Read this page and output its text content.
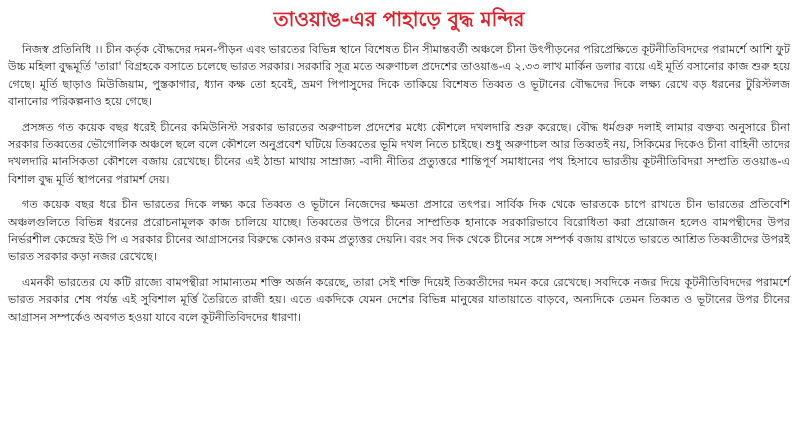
তাওয়াঙ-এর পাহাড়ে বুদ্ধ মন্দির

নিজস্ব প্রতিনিধি ।। চীন কর্তৃক বৌদ্ধদের দমন-পীড়ন এবং ভারতের বিভিন্ন স্থানে বিশেষত চীন সীমান্তবর্তী অঞ্চলে চীনা উৎপীড়নের পরিপ্রেক্ষিতে কূটনীতিবিদদের পরামর্শে আশি ফুট উচ্চ মহিলা বুদ্ধমূর্তি 'তারা' বিগ্রহকে বসাতে চলেছে ভারত সরকার। সরকারি সূত্র মতে অরুণাচল প্রদেশের তাওয়াঙ-এ ২.৩৩ লাখ মার্কিন ডলার ব্যয়ে এই মূর্তি বসানোর কাজ শুরু হয়ে গেছে। মূর্তি ছাড়াও মিউজিয়াম, পুস্তকাগার, ধ্যান কক্ষ তো হবেই, ভ্রমণ পিপাসুদের দিকে তাকিয়ে বিশেষত তিব্বত ও ভূটানের বৌদ্ধদের দিকে লক্ষ্য রেখে বড় ধরনের টুরিস্টলজ বানানোর পরিকল্পনাও হয়ে গেছে।

প্রসঙ্গত গত কয়েক বছর ধরেই চীনের কমিউনিস্ট সরকার ভারতের অরুণাচল প্রদেশের মধ্যে কৌশলে দখলদারি শুরু করেছে। বৌদ্ধ ধর্মগুরু দলাই লামার বক্তব্য অনুসারে চীনা সরকার তিব্বতের ভৌগোলিক অঞ্চলে ছলে বলে কৌশলে অনুপ্রবেশ ঘটিয়ে তিব্বতের ভূমি দখল নিতে চাইছে। শুধু অরুণাচল আর তিব্বতই নয়, সিকিমের দিকেও চীনা বাহিনী তাদের দখলদারি মানসিকতা কৌশলে বজায় রেখেছে। চীনের এই ঠান্ডা মাথায় সাম্রাজ্য -বাদী নীতির প্রত্যুত্তরে শান্তিপূর্ণ সমাধানের পথ হিসাবে ভারতীয় কূটনীতিবিদরা সম্প্রতি তওয়াঙ-এ বিশাল বুদ্ধ মূর্তি স্থাপনের পরামর্শ দেয়।

গত কয়েক বছর ধরে চীন ভারতের দিকে লক্ষ্য করে তিব্বত ও ভূটানে নিজেদের ক্ষমতা প্রসারে তৎপর। সার্বিক দিক থেকে ভারতকে চাপে রাখতে চীন ভারতের প্রতিবেশি অঞ্চলগুলিতে বিভিন্ন ধরনের প্ররোচনামূলক কাজ চালিয়ে যাচ্ছে। তিব্বতের উপরে চীনের সাম্প্রতিক হানাকে সরকারিভাবে বিরোধিতা করা প্রয়োজন হলেও বামপন্থীদের উপর নির্ভরশীল কেন্দ্রের ইউ পি এ সরকার চীনের আগ্রাসনের বিরুদ্ধে কোনও রকম প্রত্যুত্তর দেয়নি। বরং সব দিক থেকে চীনের সঙ্গে সম্পর্ক বজায় রাখতে ভারতে আশ্রিত তিব্বতীদের উপরই ভারত সরকার কড়া নজর রেখেছে।

এমনকী ভারতের যে কটি রাজ্যে বামপন্থীরা সামান্যতম শক্তি অর্জন করেছে, তারা সেই শক্তি দিয়েই তিব্বতীদের দমন করে রেখেছে। সবদিকে নজর দিয়ে কূটনীতিবিদদের পরামর্শে ভারত সরকার শেষ পর্যন্ত এই সুবিশাল মূর্ত্তি তৈরিতে রাজী হয়। এতে একদিকে যেমন দেশের বিভিন্ন মানুষের যাতায়াতে বাড়বে, অন্যদিকে তেমন তিব্বত ও ভূটানের উপর চীনের আগ্রাসন সম্পর্কেও অবগত হওয়া যাবে বলে কূটনীতিবিদদের ধারণা।
